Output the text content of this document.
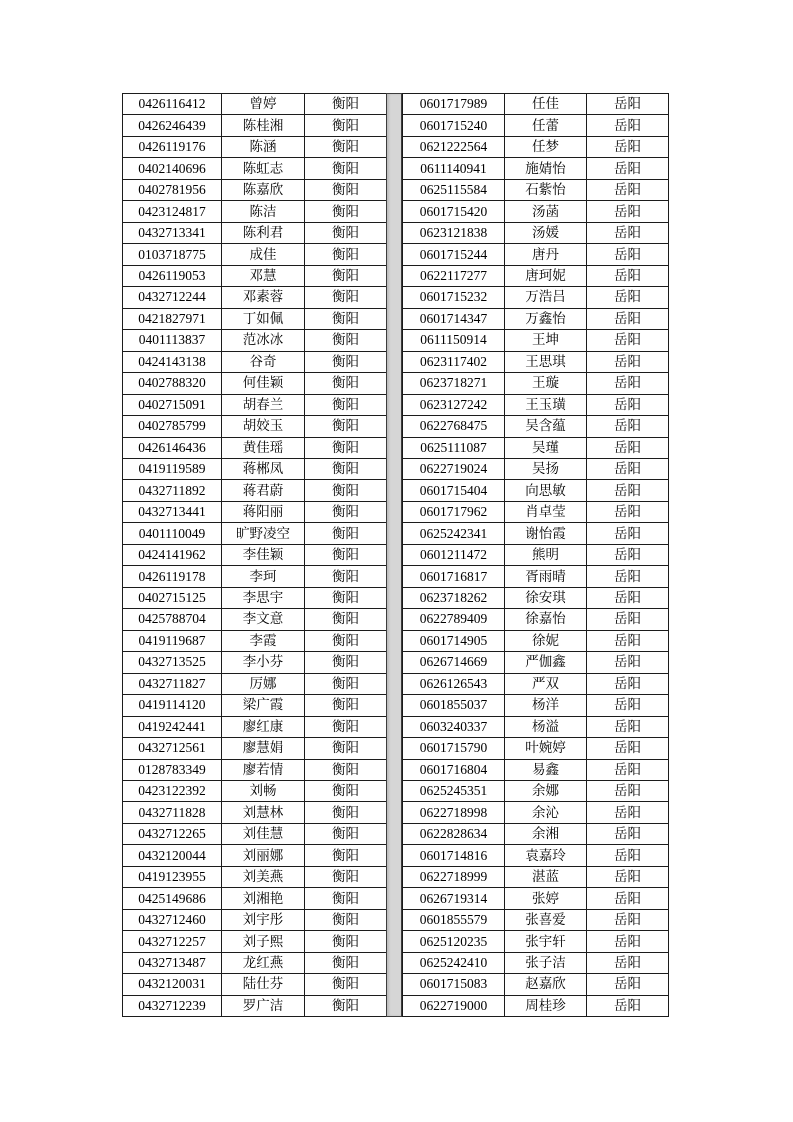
0426116412	曾婷	衡阳
0426246439	陈桂湘	衡阳
0426119176	陈涵	衡阳
0402140696	陈虹志	衡阳
0402781956	陈嘉欣	衡阳
0423124817	陈洁	衡阳
0432713341	陈利君	衡阳
0103718775	成佳	衡阳
0426119053	邓慧	衡阳
0432712244	邓素蓉	衡阳
0421827971	丁如佩	衡阳
0401113837	范冰冰	衡阳
0424143138	谷奇	衡阳
0402788320	何佳颖	衡阳
0402715091	胡春兰	衡阳
0402785799	胡姣玉	衡阳
0426146436	黄佳瑶	衡阳
0419119589	蒋郴凤	衡阳
0432711892	蒋君蔚	衡阳
0432713441	蒋阳丽	衡阳
0401110049	旷野凌空	衡阳
0424141962	李佳颖	衡阳
0426119178	李珂	衡阳
0402715125	李思宇	衡阳
0425788704	李文意	衡阳
0419119687	李霞	衡阳
0432713525	李小芬	衡阳
0432711827	厉娜	衡阳
0419114120	梁广霞	衡阳
0419242441	廖红康	衡阳
0432712561	廖慧娟	衡阳
0128783349	廖若情	衡阳
0423122392	刘畅	衡阳
0432711828	刘慧林	衡阳
0432712265	刘佳慧	衡阳
0432120044	刘丽娜	衡阳
0419123955	刘美燕	衡阳
0425149686	刘湘艳	衡阳
0432712460	刘宇彤	衡阳
0432712257	刘子熙	衡阳
0432713487	龙红燕	衡阳
0432120031	陆仕芬	衡阳
0432712239	罗广洁	衡阳
0601717989	任佳	岳阳
0601715240	任蕾	岳阳
0621222564	任梦	岳阳
0611140941	施婧怡	岳阳
0625115584	石紫怡	岳阳
0601715420	汤菡	岳阳
0623121838	汤媛	岳阳
0601715244	唐丹	岳阳
0622117277	唐珂妮	岳阳
0601715232	万浩吕	岳阳
0601714347	万鑫怡	岳阳
0611150914	王坤	岳阳
0623117402	王思琪	岳阳
0623718271	王璇	岳阳
0623127242	王玉璜	岳阳
0622768475	吴含蕴	岳阳
0625111087	吴瑾	岳阳
0622719024	吴扬	岳阳
0601715404	向思敏	岳阳
0601717962	肖卓莹	岳阳
0625242341	谢怡霞	岳阳
0601211472	熊明	岳阳
0601716817	胥雨晴	岳阳
0623718262	徐安琪	岳阳
0622789409	徐嘉怡	岳阳
0601714905	徐妮	岳阳
0626714669	严伽鑫	岳阳
0626126543	严双	岳阳
0601855037	杨洋	岳阳
0603240337	杨溢	岳阳
0601715790	叶婉婷	岳阳
0601716804	易鑫	岳阳
0625245351	余娜	岳阳
0622718998	余沁	岳阳
0622828634	余湘	岳阳
0601714816	袁嘉玲	岳阳
0622718999	湛蓝	岳阳
0626719314	张婷	岳阳
0601855579	张喜爱	岳阳
0625120235	张宇轩	岳阳
0625242410	张子洁	岳阳
0601715083	赵嘉欣	岳阳
0622719000	周桂珍	岳阳
